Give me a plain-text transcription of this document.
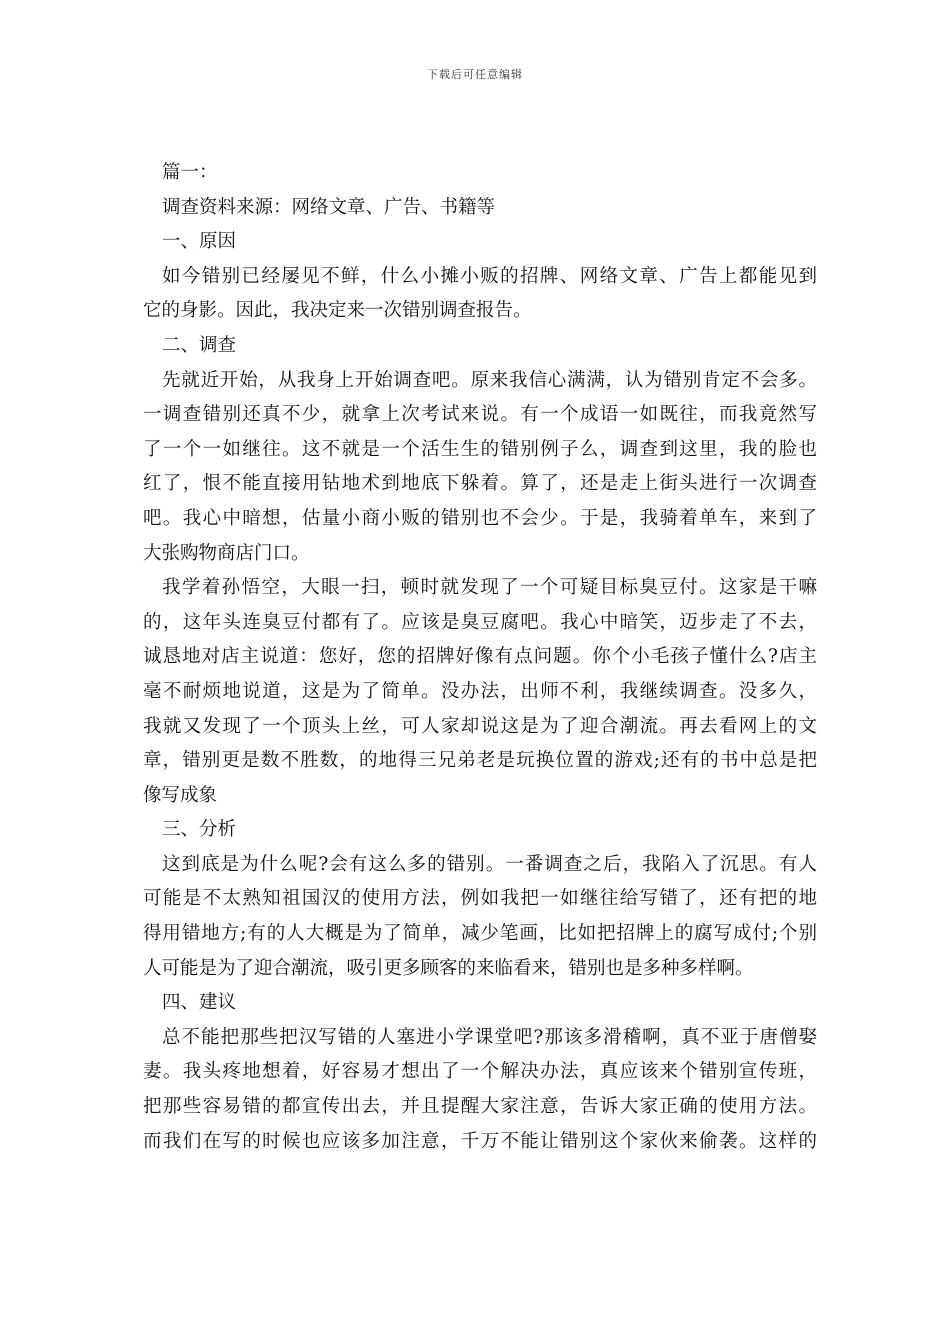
下载后可任意编辑
篇一：
调查资料来源：网络文章、广告、书籍等
一、原因
如今错别已经屡见不鲜，什么小摊小贩的招牌、网络文章、广告上都能见到
它的身影。因此，我决定来一次错别调查报告。
二、调查
先就近开始，从我身上开始调查吧。原来我信心满满，认为错别肯定不会多。
一调查错别还真不少，就拿上次考试来说。有一个成语一如既往，而我竟然写
了一个一如继往。这不就是一个活生生的错别例子么，调查到这里，我的脸也
红了，恨不能直接用钻地术到地底下躲着。算了，还是走上街头进行一次调查
吧。我心中暗想，估量小商小贩的错别也不会少。于是，我骑着单车，来到了
大张购物商店门口。
我学着孙悟空，大眼一扫，顿时就发现了一个可疑目标臭豆付。这家是干嘛
的，这年头连臭豆付都有了。应该是臭豆腐吧。我心中暗笑，迈步走了不去，
诚恳地对店主说道：您好，您的招牌好像有点问题。你个小毛孩子懂什么?店主
毫不耐烦地说道，这是为了简单。没办法，出师不利，我继续调查。没多久，
我就又发现了一个顶头上丝，可人家却说这是为了迎合潮流。再去看网上的文
章，错别更是数不胜数，的地得三兄弟老是玩换位置的游戏;还有的书中总是把
像写成象
三、分析
这到底是为什么呢?会有这么多的错别。一番调查之后，我陷入了沉思。有人
可能是不太熟知祖国汉的使用方法，例如我把一如继往给写错了，还有把的地
得用错地方;有的人大概是为了简单，减少笔画，比如把招牌上的腐写成付;个别
人可能是为了迎合潮流，吸引更多顾客的来临看来，错别也是多种多样啊。
四、建议
总不能把那些把汉写错的人塞进小学课堂吧?那该多滑稽啊，真不亚于唐僧娶
妻。我头疼地想着，好容易才想出了一个解决办法，真应该来个错别宣传班，
把那些容易错的都宣传出去，并且提醒大家注意，告诉大家正确的使用方法。
而我们在写的时候也应该多加注意，千万不能让错别这个家伙来偷袭。这样的
